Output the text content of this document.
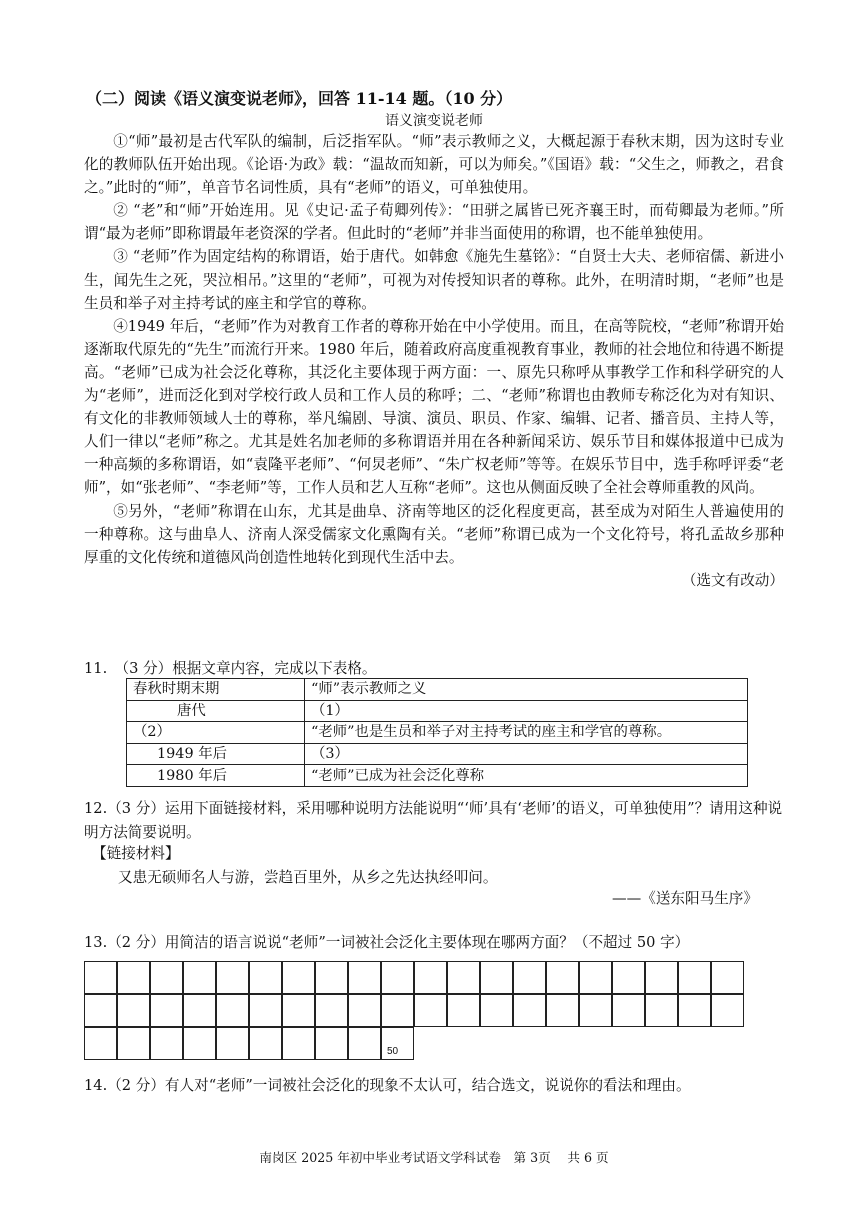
（二）阅读《语义演变说老师》，回答 11-14 题。（10 分）
语义演变说老师

①“师”最初是古代军队的编制，后泛指军队。“师”表示教师之义，大概起源于春秋末期，因为这时专业化的教师队伍开始出现。《论语·为政》载：“温故而知新，可以为师矣。”《国语》载：“父生之，师教之，君食之。”此时的“师”，单音节名词性质，具有“老师”的语义，可单独使用。

② “老”和“师”开始连用。见《史记·孟子荀卿列传》：“田骈之属皆已死齐襄王时，而荀卿最为老师。”所谓“最为老师”即称谓最年老资深的学者。但此时的“老师”并非当面使用的称谓，也不能单独使用。

③ “老师”作为固定结构的称谓语，始于唐代。如韩愈《施先生墓铭》：“自贤士大夫、老师宿儒、新进小生，闻先生之死，哭泣相吊。”这里的“老师”，可视为对传授知识者的尊称。此外，在明清时期，“老师”也是生员和举子对主持考试的座主和学官的尊称。

④1949 年后，“老师”作为对教育工作者的尊称开始在中小学使用。而且，在高等院校，“老师”称谓开始逐渐取代原先的“先生”而流行开来。1980 年后，随着政府高度重视教育事业，教师的社会地位和待遇不断提高。“老师”已成为社会泛化尊称，其泛化主要体现于两方面：一、原先只称呼从事教学工作和科学研究的人为“老师”，进而泛化到对学校行政人员和工作人员的称呼；二、“老师”称谓也由教师专称泛化为对有知识、有文化的非教师领域人士的尊称，举凡编剧、导演、演员、职员、作家、编辑、记者、播音员、主持人等，人们一律以“老师”称之。尤其是姓名加老师的多称谓语并用在各种新闻采访、娱乐节目和媒体报道中已成为一种高频的多称谓语，如“袁隆平老师”、“何炅老师”、“朱广权老师”等等。在娱乐节目中，选手称呼评委“老师”，如“张老师”、“李老师”等，工作人员和艺人互称“老师”。这也从侧面反映了全社会尊师重教的风尚。

⑤另外，“老师”称谓在山东，尤其是曲阜、济南等地区的泛化程度更高，甚至成为对陌生人普遍使用的一种尊称。这与曲阜人、济南人深受儒家文化熏陶有关。“老师”称谓已成为一个文化符号，将孔孟故乡那种厚重的文化传统和道德风尚创造性地转化到现代生活中去。

（选文有改动）

11.　（3 分）根据文章内容，完成以下表格。
春秋时期末期	“师”表示教师之义
唐代	（1）
（2）	“老师”也是生员和举子对主持考试的座主和学官的尊称。
1949 年后	（3）
1980 年后	“老师”已成为社会泛化尊称
12.（3 分）运用下面链接材料，采用哪种说明方法能说明“‘师’具有‘老师’的语义，可单独使用”？请用这种说明方法简要说明。
【链接材料】
又患无硕师名人与游，尝趋百里外，从乡之先达执经叩问。
——《送东阳马生序》
13.（2 分）用简洁的语言说说“老师”一词被社会泛化主要体现在哪两方面？（不超过 50 字）
50
14.（2 分）有人对“老师”一词被社会泛化的现象不太认可，结合选文，说说你的看法和理由。
南岗区 2025 年初中毕业考试语文学科试卷　第 3页　 共 6 页
